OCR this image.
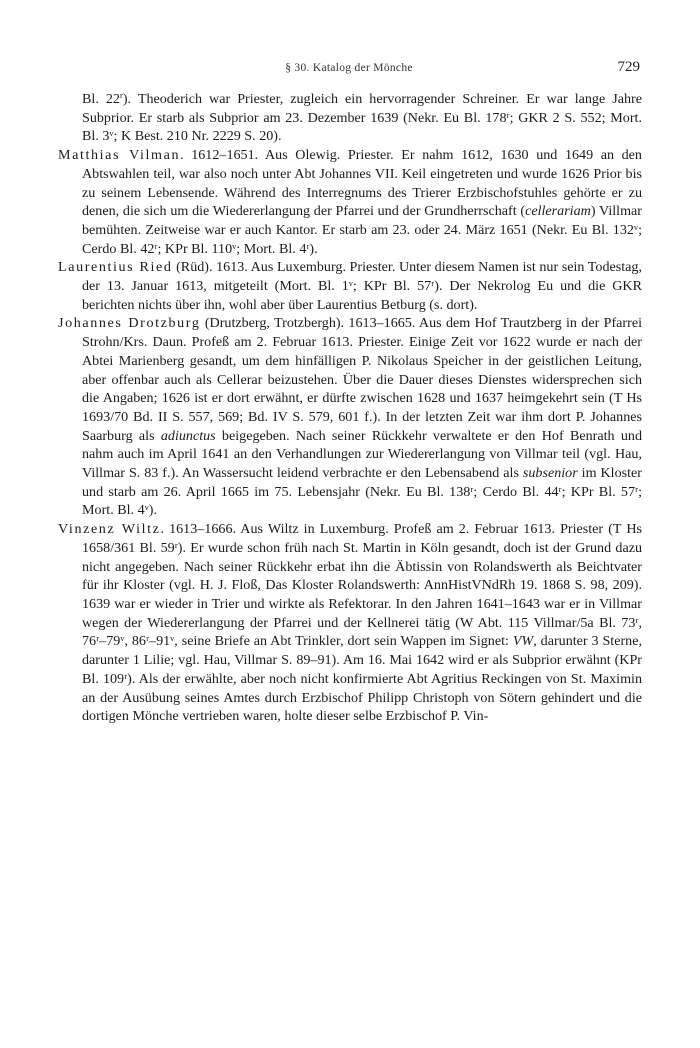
§ 30. Katalog der Mönche	729

Bl. 22$^r$). Theoderich war Priester, zugleich ein hervorragender Schreiner. Er war lange Jahre Subprior. Er starb als Subprior am 23. Dezember 1639 (Nekr. Eu Bl. 178ʳ; GKR 2 S. 552; Mort. Bl. 3ᵛ; K Best. 210 Nr. 2229 S. 20).

Matthias Vilman. 1612–1651. Aus Olewig. Priester. Er nahm 1612, 1630 und 1649 an den Abtswahlen teil, war also noch unter Abt Johannes VII. Keil eingetreten und wurde 1626 Prior bis zu seinem Lebensende. Während des Interregnums des Trierer Erzbischofstuhles gehörte er zu denen, die sich um die Wiedererlangung der Pfarrei und der Grundherrschaft (cellerariam) Villmar bemühten. Zeitweise war er auch Kantor. Er starb am 23. oder 24. März 1651 (Nekr. Eu Bl. 132ᵛ; Cerdo Bl. 42ʳ; KPr Bl. 110ᵛ; Mort. Bl. 4ʳ).

Laurentius Ried (Rüd). 1613. Aus Luxemburg. Priester. Unter diesem Namen ist nur sein Todestag, der 13. Januar 1613, mitgeteilt (Mort. Bl. 1ᵛ; KPr Bl. 57ʳ). Der Nekrolog Eu und die GKR berichten nichts über ihn, wohl aber über Laurentius Betburg (s. dort).

Johannes Drotzburg (Drutzberg, Trotzbergh). 1613–1665. Aus dem Hof Trautzberg in der Pfarrei Strohn/Krs. Daun. Profeß am 2. Februar 1613. Priester. Einige Zeit vor 1622 wurde er nach der Abtei Marienberg gesandt, um dem hinfälligen P. Nikolaus Speicher in der geistlichen Leitung, aber offenbar auch als Cellerar beizustehen. Über die Dauer dieses Dienstes widersprechen sich die Angaben; 1626 ist er dort erwähnt, er dürfte zwischen 1628 und 1637 heimgekehrt sein (T Hs 1693/70 Bd. II S. 557, 569; Bd. IV S. 579, 601 f.). In der letzten Zeit war ihm dort P. Johannes Saarburg als adiunctus beigegeben. Nach seiner Rückkehr verwaltete er den Hof Benrath und nahm auch im April 1641 an den Verhandlungen zur Wiedererlangung von Villmar teil (vgl. Hau, Villmar S. 83 f.). An Wassersucht leidend verbrachte er den Lebensabend als subsenior im Kloster und starb am 26. April 1665 im 75. Lebensjahr (Nekr. Eu Bl. 138ʳ; Cerdo Bl. 44ʳ; KPr Bl. 57ʳ; Mort. Bl. 4ᵛ).

Vinzenz Wiltz. 1613–1666. Aus Wiltz in Luxemburg. Profeß am 2. Februar 1613. Priester (T Hs 1658/361 Bl. 59ʳ). Er wurde schon früh nach St. Martin in Köln gesandt, doch ist der Grund dazu nicht angegeben. Nach seiner Rückkehr erbat ihn die Äbtissin von Rolandswerth als Beichtvater für ihr Kloster (vgl. H. J. Floß, Das Kloster Rolandswerth: AnnHistVNdRh 19. 1868 S. 98, 209). 1639 war er wieder in Trier und wirkte als Refektorar. In den Jahren 1641–1643 war er in Villmar wegen der Wiedererlangung der Pfarrei und der Kellnerei tätig (W Abt. 115 Villmar/5a Bl. 73ʳ, 76ʳ–79ᵛ, 86ʳ–91ᵛ, seine Briefe an Abt Trinkler, dort sein Wappen im Signet: VW, darunter 3 Sterne, darunter 1 Lilie; vgl. Hau, Villmar S. 89–91). Am 16. Mai 1642 wird er als Subprior erwähnt (KPr Bl. 109ʳ). Als der erwählte, aber noch nicht konfirmierte Abt Agritius Reckingen von St. Maximin an der Ausübung seines Amtes durch Erzbischof Philipp Christoph von Sötern gehindert und die dortigen Mönche vertrieben waren, holte dieser selbe Erzbischof P. Vin-
